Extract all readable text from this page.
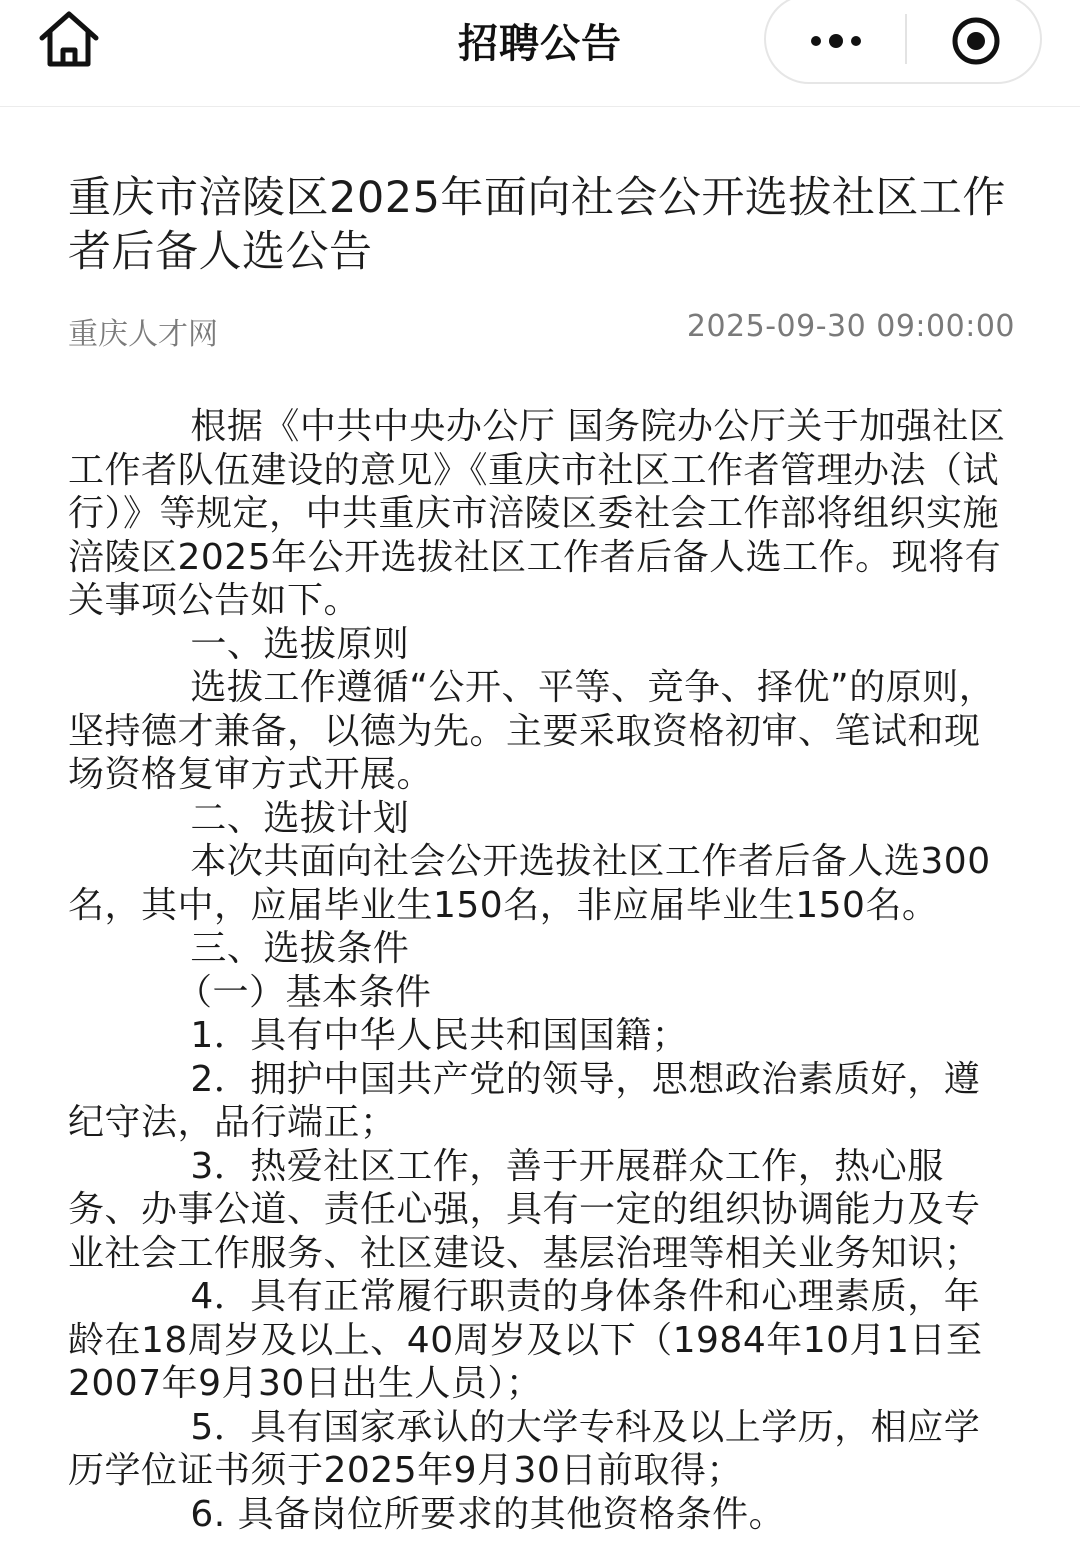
招聘公告
重庆市涪陵区2025年面向社会公开选拔社区工作者后备人选公告
重庆人才网	2025-09-30 09:00:00

根据《中共中央办公厅 国务院办公厅关于加强社区工作者队伍建设的意见》《重庆市社区工作者管理办法（试行）》等规定，中共重庆市涪陵区委社会工作部将组织实施涪陵区2025年公开选拔社区工作者后备人选工作。现将有关事项公告如下。

一、选拔原则

选拔工作遵循“公开、平等、竞争、择优”的原则，坚持德才兼备，以德为先。主要采取资格初审、笔试和现场资格复审方式开展。

二、选拔计划

本次共面向社会公开选拔社区工作者后备人选300名，其中，应届毕业生150名，非应届毕业生150名。

三、选拔条件

（一）基本条件

1．具有中华人民共和国国籍；

2．拥护中国共产党的领导，思想政治素质好，遵纪守法，品行端正；

3．热爱社区工作，善于开展群众工作，热心服务、办事公道、责任心强，具有一定的组织协调能力及专业社会工作服务、社区建设、基层治理等相关业务知识；

4．具有正常履行职责的身体条件和心理素质，年龄在18周岁及以上、40周岁及以下（1984年10月1日至2007年9月30日出生人员）；

5．具有国家承认的大学专科及以上学历，相应学历学位证书须于2025年9月30日前取得；

6. 具备岗位所要求的其他资格条件。
